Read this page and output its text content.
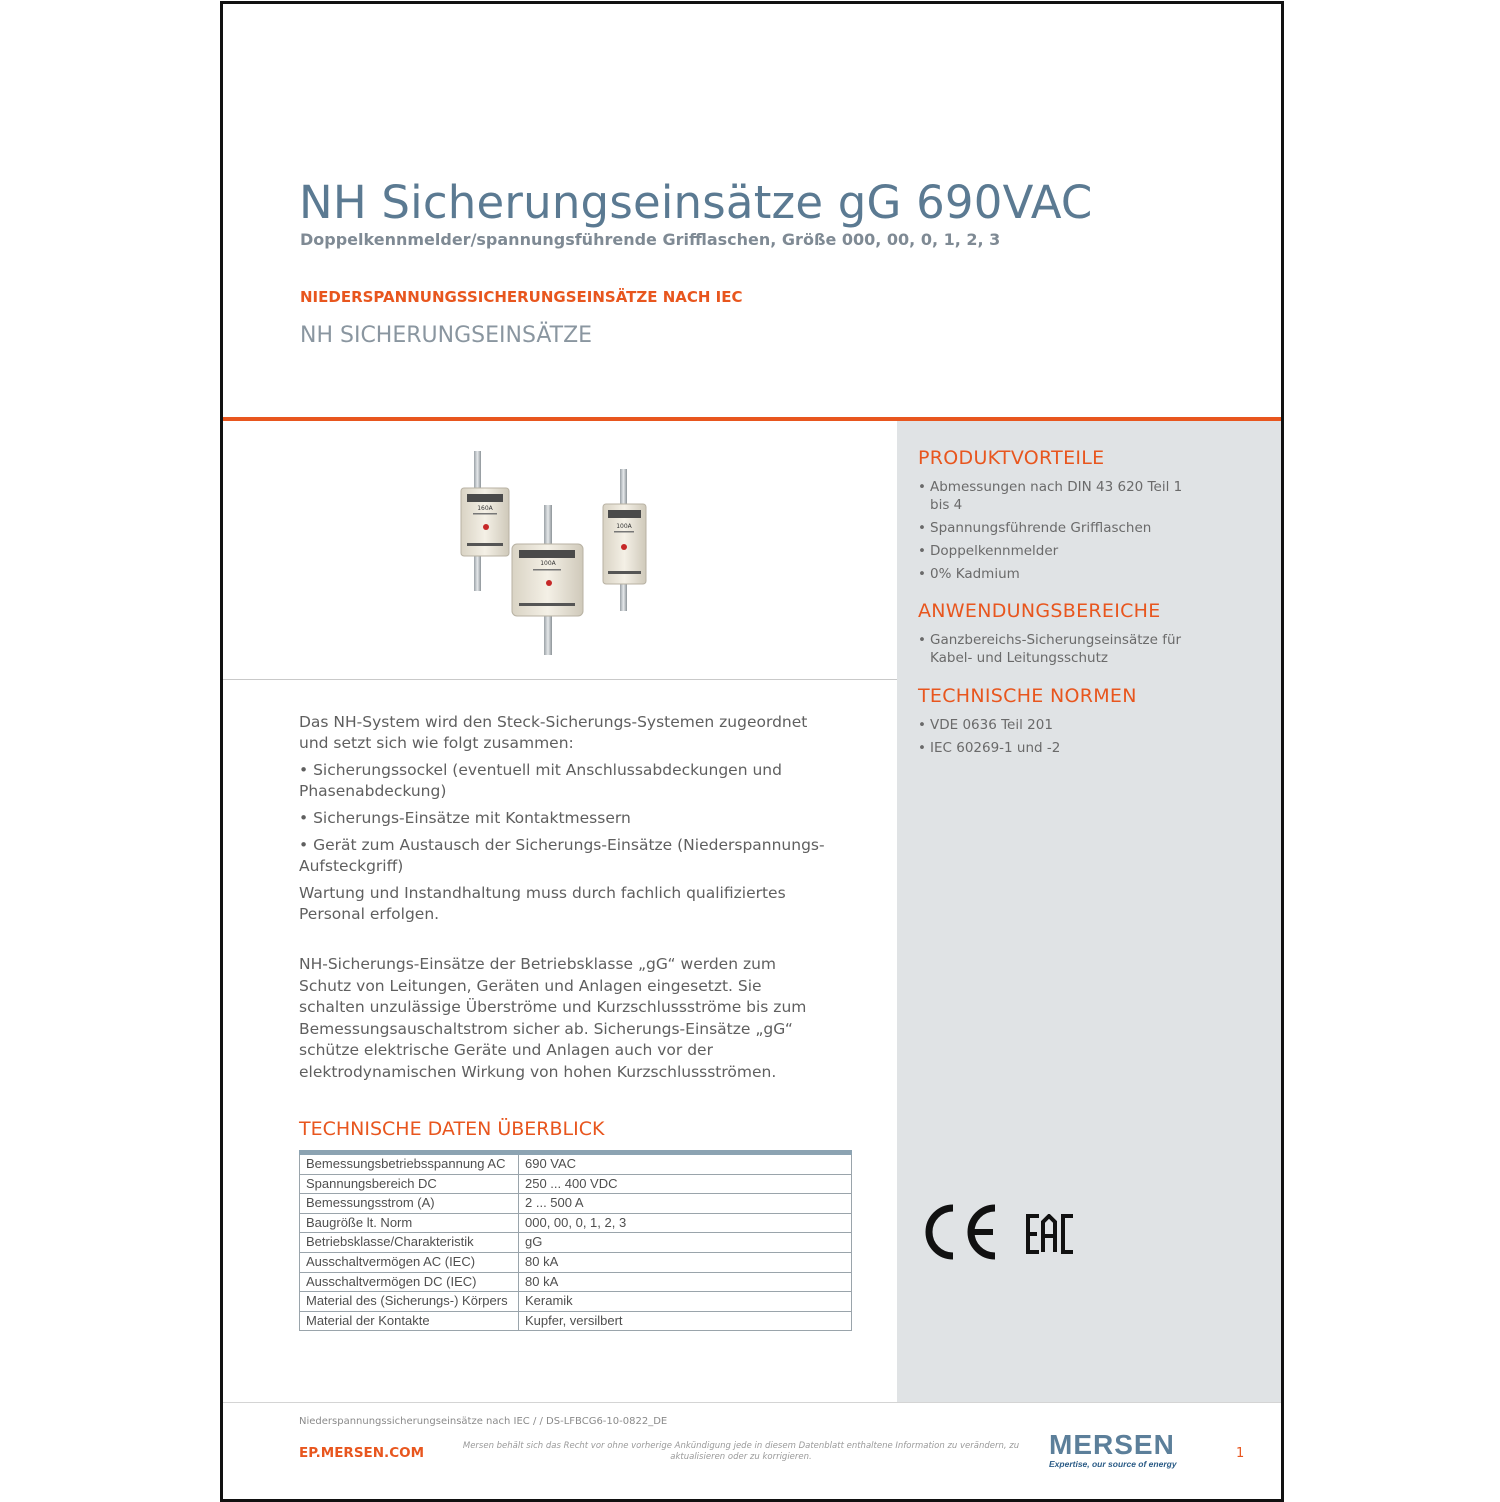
NH Sicherungseinsätze gG 690VAC
Doppelkennmelder/spannungsführende Grifflaschen, Größe 000, 00, 0, 1, 2, 3
NIEDERSPANNUNGSSICHERUNGSEINSÄTZE NACH IEC
NH SICHERUNGSEINSÄTZE
160A
100A
100A
PRODUKTVORTEILE
• Abmessungen nach DIN 43 620 Teil 1 bis 4
• Spannungsführende Grifflaschen
• Doppelkennmelder
• 0% Kadmium
ANWENDUNGSBEREICHE
• Ganzbereichs-Sicherungseinsätze für Kabel- und Leitungsschutz
TECHNISCHE NORMEN
• VDE 0636 Teil 201
• IEC 60269-1 und -2

Das NH-System wird den Steck-Sicherungs-Systemen zugeordnet und setzt sich wie folgt zusammen:

• Sicherungssockel (eventuell mit Anschlussabdeckungen und Phasenabdeckung)

• Sicherungs-Einsätze mit Kontaktmessern

• Gerät zum Austausch der Sicherungs-Einsätze (Niederspannungs-Aufsteckgriff)

Wartung und Instandhaltung muss durch fachlich qualifiziertes Personal erfolgen.

NH-Sicherungs-Einsätze der Betriebsklasse „gG“ werden zum Schutz von Leitungen, Geräten und Anlagen eingesetzt. Sie schalten unzulässige Überströme und Kurzschlussströme bis zum Bemessungsauschaltstrom sicher ab. Sicherungs-Einsätze „gG“ schütze elektrische Geräte und Anlagen auch vor der elektrodynamischen Wirkung von hohen Kurzschlussströmen.

TECHNISCHE DATEN ÜBERBLICK
Bemessungsbetriebsspannung AC	690 VAC
Spannungsbereich DC	250 ... 400 VDC
Bemessungsstrom (A)	2 ... 500 A
Baugröße lt. Norm	000, 00, 0, 1, 2, 3
Betriebsklasse/Charakteristik	gG
Ausschaltvermögen AC (IEC)	80 kA
Ausschaltvermögen DC (IEC)	80 kA
Material des (Sicherungs-) Körpers	Keramik
Material der Kontakte	Kupfer, versilbert
Niederspannungssicherungseinsätze nach IEC / / DS-LFBCG6-10-0822_DE
EP.MERSEN.COM	Mersen behält sich das Recht vor ohne vorherige Ankündigung jede in diesem Datenblatt enthaltene Information zu verändern, zu aktualisieren oder zu korrigieren.	MERSEN
Expertise, our source of energy
1
